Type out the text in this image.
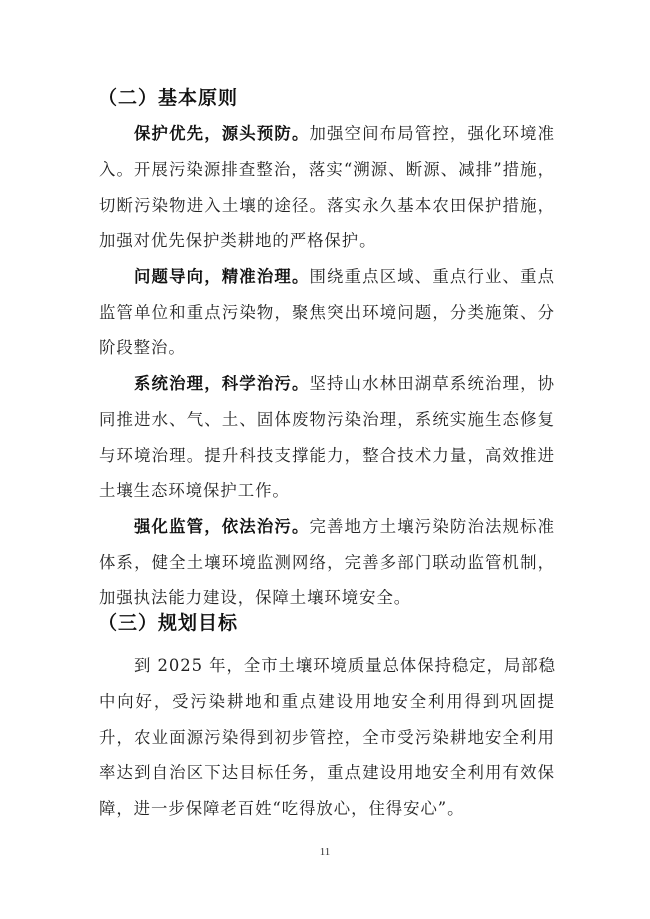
（二）基本原则
保护优先，源头预防。加强空间布局管控，强化环境准
入。开展污染源排查整治，落实“溯源、断源、减排”措施，
切断污染物进入土壤的途径。落实永久基本农田保护措施，
加强对优先保护类耕地的严格保护。
问题导向，精准治理。围绕重点区域、重点行业、重点
监管单位和重点污染物，聚焦突出环境问题，分类施策、分
阶段整治。
系统治理，科学治污。坚持山水林田湖草系统治理，协
同推进水、气、土、固体废物污染治理，系统实施生态修复
与环境治理。提升科技支撑能力，整合技术力量，高效推进
土壤生态环境保护工作。
强化监管，依法治污。完善地方土壤污染防治法规标准
体系，健全土壤环境监测网络，完善多部门联动监管机制，
加强执法能力建设，保障土壤环境安全。
（三）规划目标
到 2025 年，全市土壤环境质量总体保持稳定，局部稳
中向好，受污染耕地和重点建设用地安全利用得到巩固提
升，农业面源污染得到初步管控，全市受污染耕地安全利用
率达到自治区下达目标任务，重点建设用地安全利用有效保
障，进一步保障老百姓“吃得放心，住得安心”。
11
